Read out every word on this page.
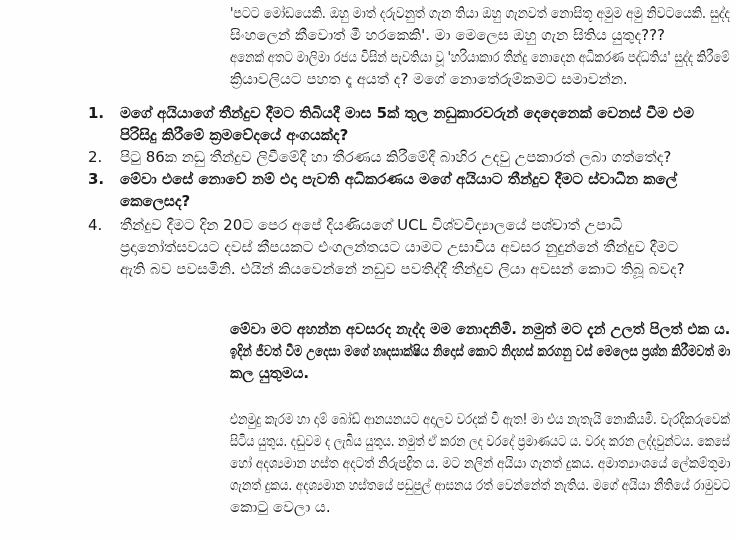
'පටට මෝඩයෙකි. ඔහු මාත් දරුවනුත් ගැන තියා ඔහු ගැනවත් නොසිතූ අමුම අමු නිවටයෙකි. සුද්ද
සිංහලෙන් කීවොත් මී හරකෙකි'. මා මෙලෙස ඔහු ගැන සිතිය යුතුද???
අනෙක් අතට මාලිමා රජය විසින් පැවතියා වූ 'හරියාකාර තීන්දු නොදෙන අධිකරණ පද්ධතිය' සුද්ද කිරීමේ
ක්‍රියාවලියට පහත දෑ අයත් ද? මගේ නොතේරුම්කමට සමාවන්න.
1. මගේ අයියාගේ තීන්දුව දීමට තිබියදී මාස 5ක් තුල නඩුකාරවරුන් දෙදෙනෙක් වෙනස් වීම එම
පිරිසිදු කිරීමේ ක්‍රමවේදයේ අංගයක්ද?
2. පිටු 86ක නඩු තීන්දුව ලිවීමේදී හා තීරණය කිරීමේදී බාහිර උදවු උපකාරත් ලබා ගත්තේද?
3. මේවා එසේ නොවේ නම් එදා පැවති අධිකරණය මගේ අයියාට තීන්දුව දීමට ස්වාධීන කලේ
කෙලෙසද?
4. තීන්දුව දීමට දින 20ට පෙර අපේ දියණියගේ UCL විශ්වවිද්‍යාලයේ පශ්චාත් උපාධි
ප්‍රදානෝත්සවයට දවස් කීපයකට එංගලන්තයට යාමට උසාවිය අවසර නුදුන්නේ තීන්දුව දීමට
ඇති බව පවසමිනි. එයින් කියවෙන්නේ නඩුව පවතිද්දී තීන්දුව ලියා අවසන් කොට තිබූ බවද?
මේවා මට අහන්න අවසරද නැද්ද මම නොදනිමි. නමුත් මට දැන් උලත් පිලත් එක ය.
ඉදින් ජීවත් වීම උදෙසා මගේ හෘදසාක්ෂිය නිදොස් කොට නිදහස් කරගනු වස් මෙලෙස ප්‍රශ්න කිරීමවත් මා
කල යුතුමය.
එනමුදු කැරම හා දාම් බෝඩ් ආනයනයට අදාලව වරදක් වී ඇත! මා එය නැතැයි නොකියමි. වැරදිකරුවෙක්
සිටිය යුතුය. දඬුවම ද ලැබිය යුතුය. නමුත් ඒ කරන ලද වරදේ ප්‍රමාණයට ය. වරද කරන ලද්දවුන්ටය. කෙසේ
හෝ අදශ්‍යමාන හස්ත අදටත් නිරුපද්‍රිත ය. මට නලින් අයියා ගැනත් දුකය. අමාත්‍යාංශයේ ලේකම්තුමා
ගැනත් දුකය. අදශ්‍යමාන හස්තයේ පඩුපුල් ආසනය රත් වෙන්නේත් නැතිය. මගේ අයියා නීතියේ රාමුවට
කොටු වෙලා ය.
